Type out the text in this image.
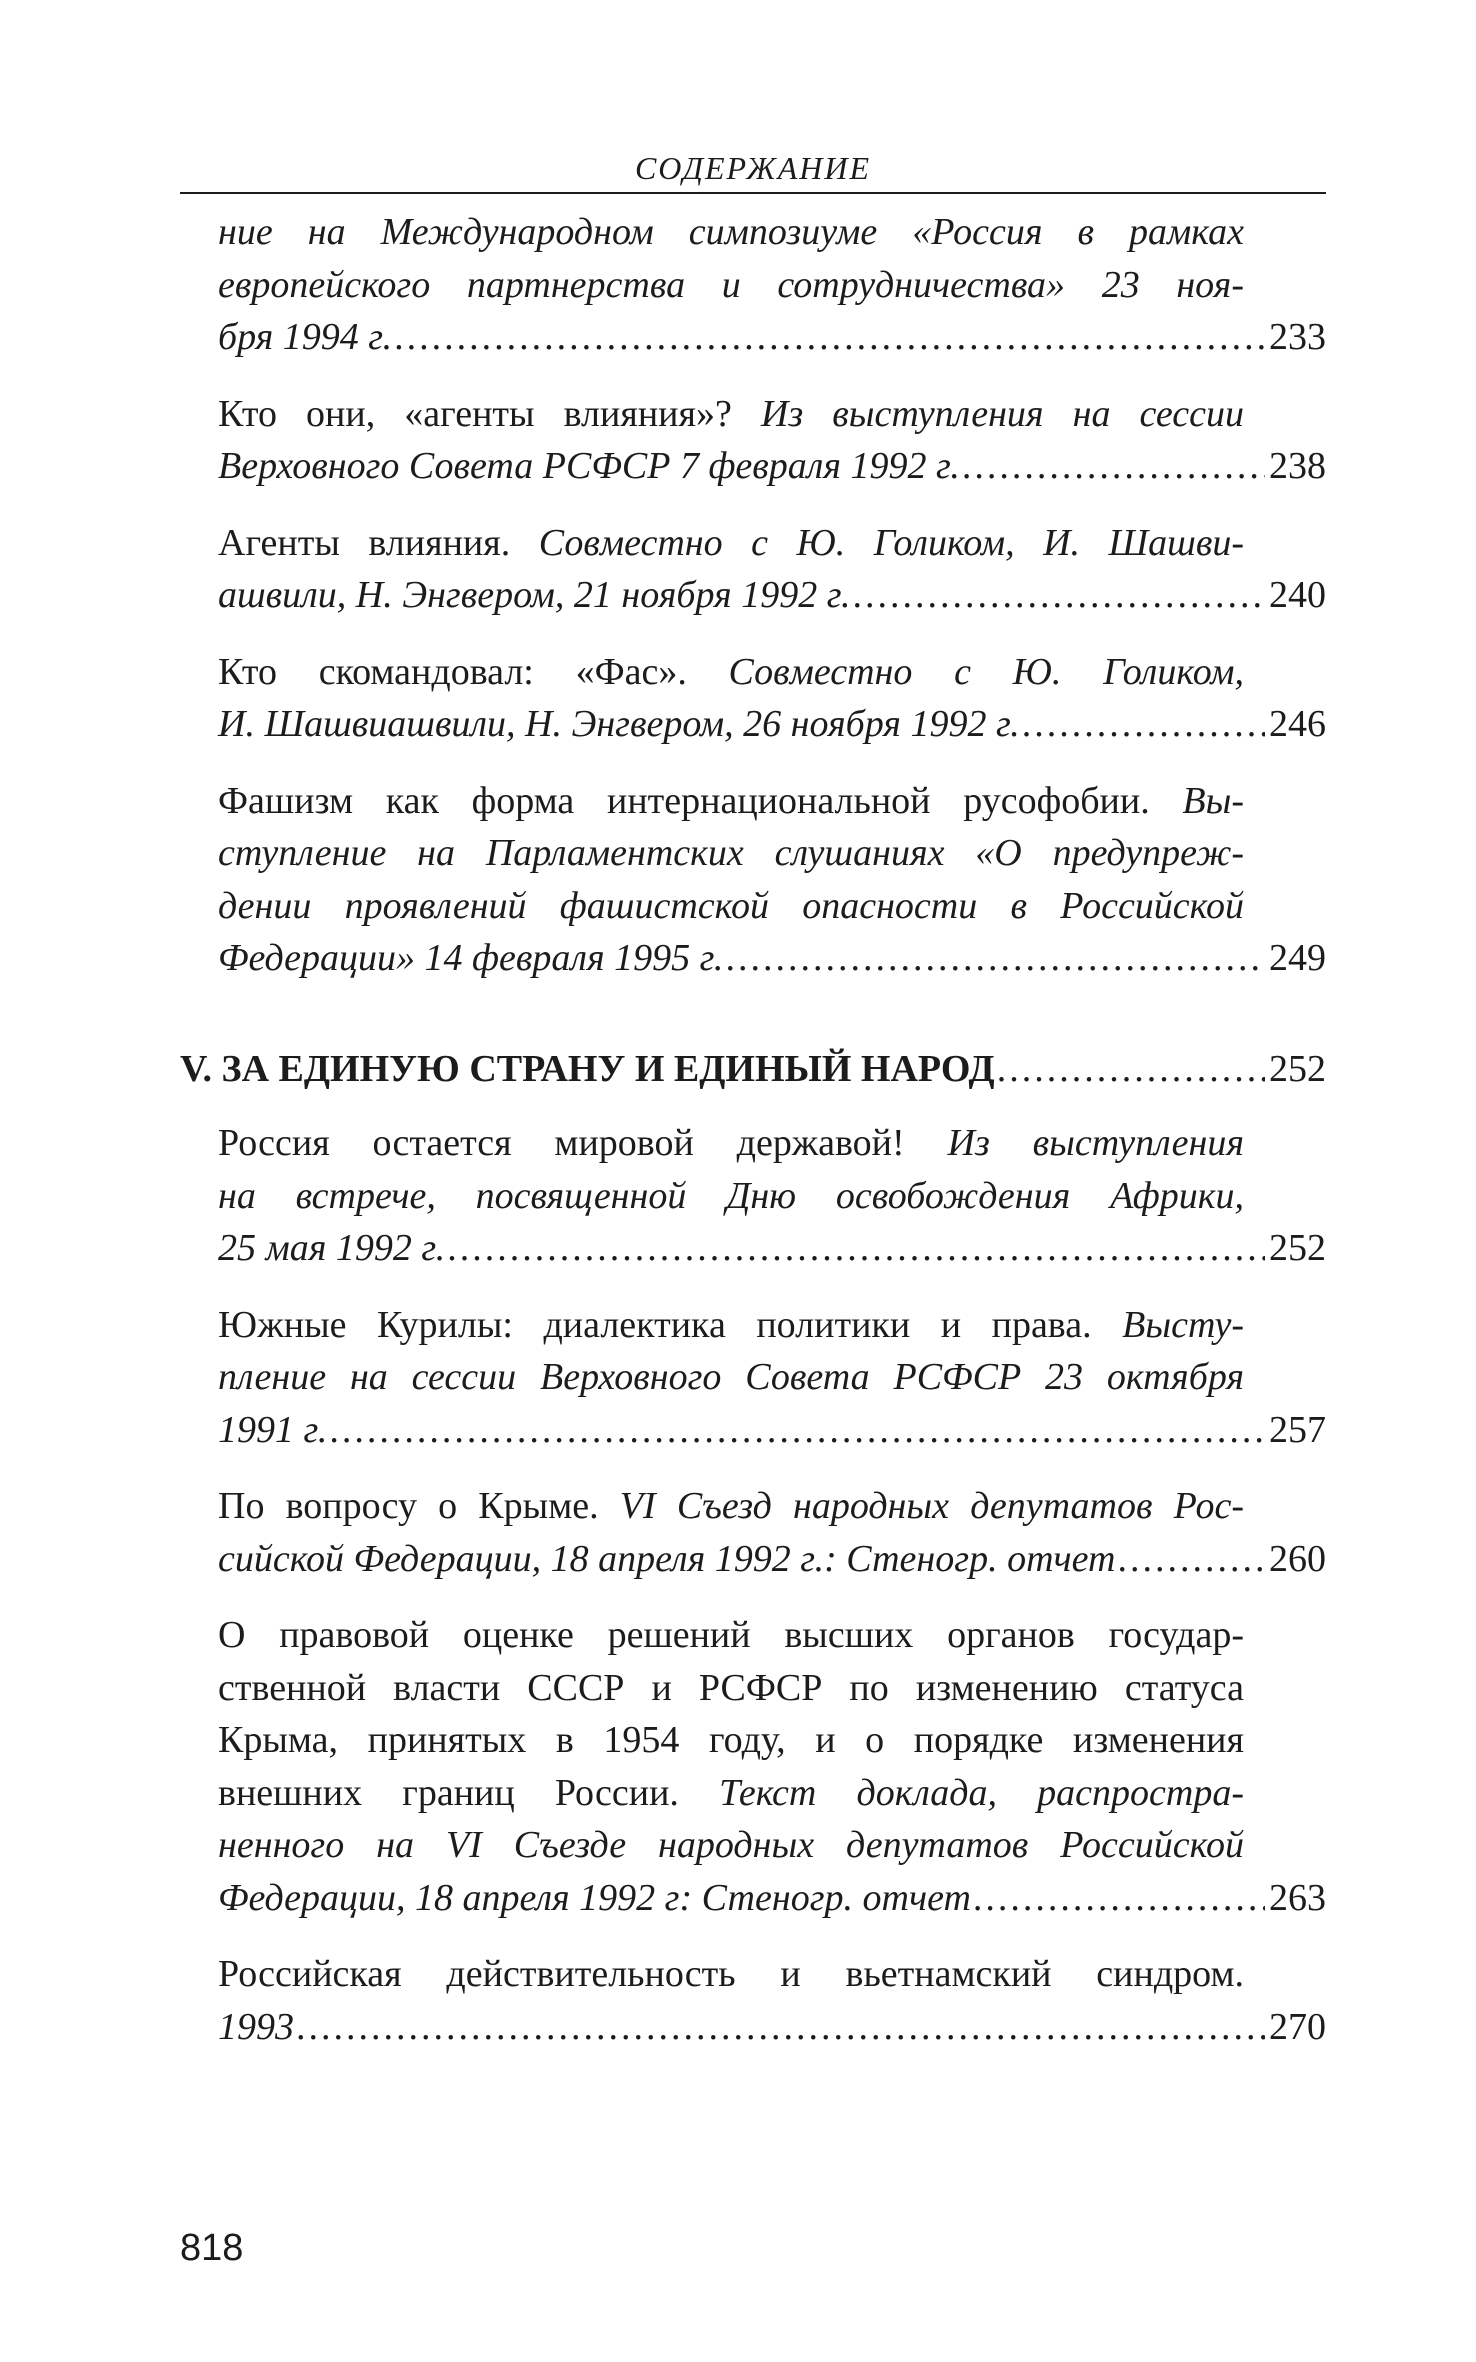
СОДЕРЖАНИЕ
ние на Международном симпозиуме «Россия в рамках
европейского партнерства и сотрудничества» 23 ноя-
бря 1994 г. .....	233
Кто они, «агенты влияния»? Из выступления на сессии
Верховного Совета РСФСР 7 февраля 1992 г. .....	238
Агенты влияния. Совместно с Ю. Голиком, И. Шашви-
ашвили, Н. Энгвером, 21 ноября 1992 г. .....	240
Кто скомандовал: «Фас». Совместно с Ю. Голиком,
И. Шашвиашвили, Н. Энгвером, 26 ноября 1992 г. .....	246
Фашизм как форма интернациональной русофобии. Вы-
ступление на Парламентских слушаниях «О предупреж-
дении проявлений фашистской опасности в Российской
Федерации» 14 февраля 1995 г. .....	249
V. ЗА ЕДИНУЮ СТРАНУ И ЕДИНЫЙ НАРОД .....	252
Россия остается мировой державой! Из выступления
на встрече, посвященной Дню освобождения Африки,
25 мая 1992 г. .....	252
Южные Курилы: диалектика политики и права. Высту-
пление на сессии Верховного Совета РСФСР 23 октября
1991 г. .....	257
По вопросу о Крыме. VI Съезд народных депутатов Рос-
сийской Федерации, 18 апреля 1992 г.: Стеногр. отчет .....	260
О правовой оценке решений высших органов государ-
ственной власти СССР и РСФСР по изменению статуса
Крыма, принятых в 1954 году, и о порядке изменения
внешних границ России. Текст доклада, распростра-
ненного на VI Съезде народных депутатов Российской
Федерации, 18 апреля 1992 г: Стеногр. отчет .....	263
Российская действительность и вьетнамский синдром.
1993 .....	270
818
